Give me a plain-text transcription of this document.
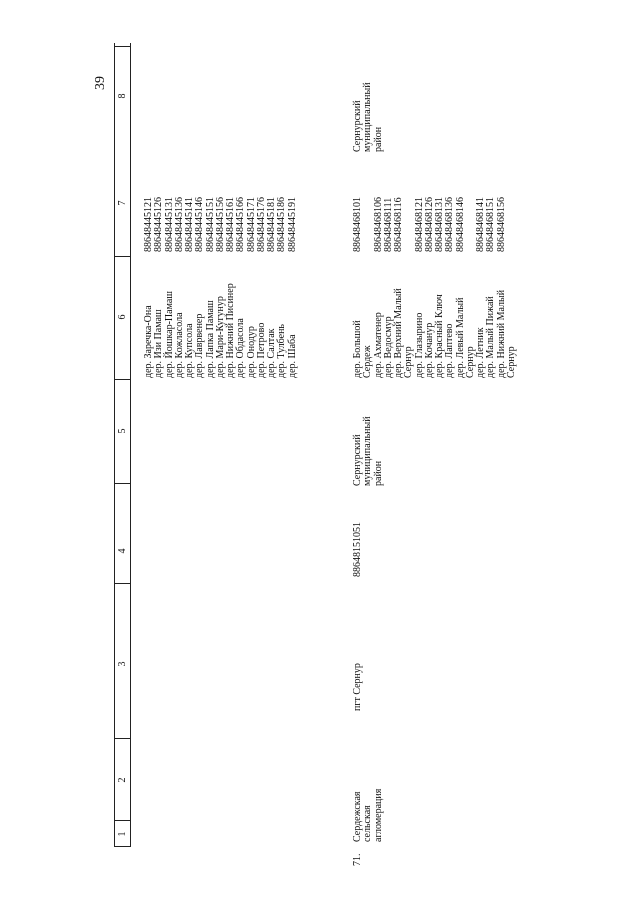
39
8
7
6
5
4
3
2
1
дер. Заречка-Она дер. Изи Памаш дер. Йошкар-Памаш дер. Кожласола дер. Купсола дер. Лаврвенер дер. Лапка Памаш дер. Мари-Кугунур дер. Нижний Писинер дер. Обдасола дер. Онодур дер. Петрово дер. Салтак дер. Тулбень дер. Шаба
88648445121 88648445126 88648445131 88648445136 88648445141 88648445146 88648445151 88648445156 88648445161 88648445166 88648445171 88648445176 88648445181 88648445186 88648445191
71.
Сердежская сельская агломерация
пгт Сернур
88648151051
Сернурский муниципальный район
дер. Большой Сердеж дер. Ахматенер дер. Ведосмур дер. Верхний Малый Сернур дер. Глазырино дер. Кочанур дер. Красный Ключ дер. Лаптево дер. Левый Малый Сернур дер. Летник дер. Малый Пижай дер. Нижний Малый Сернур
88648468101 88648468106 88648468111 88648468116 88648468121 88648468126 88648468131 88648468136 88648468146 88648468141 88648468151 88648468156
Сернурский муниципальный район
